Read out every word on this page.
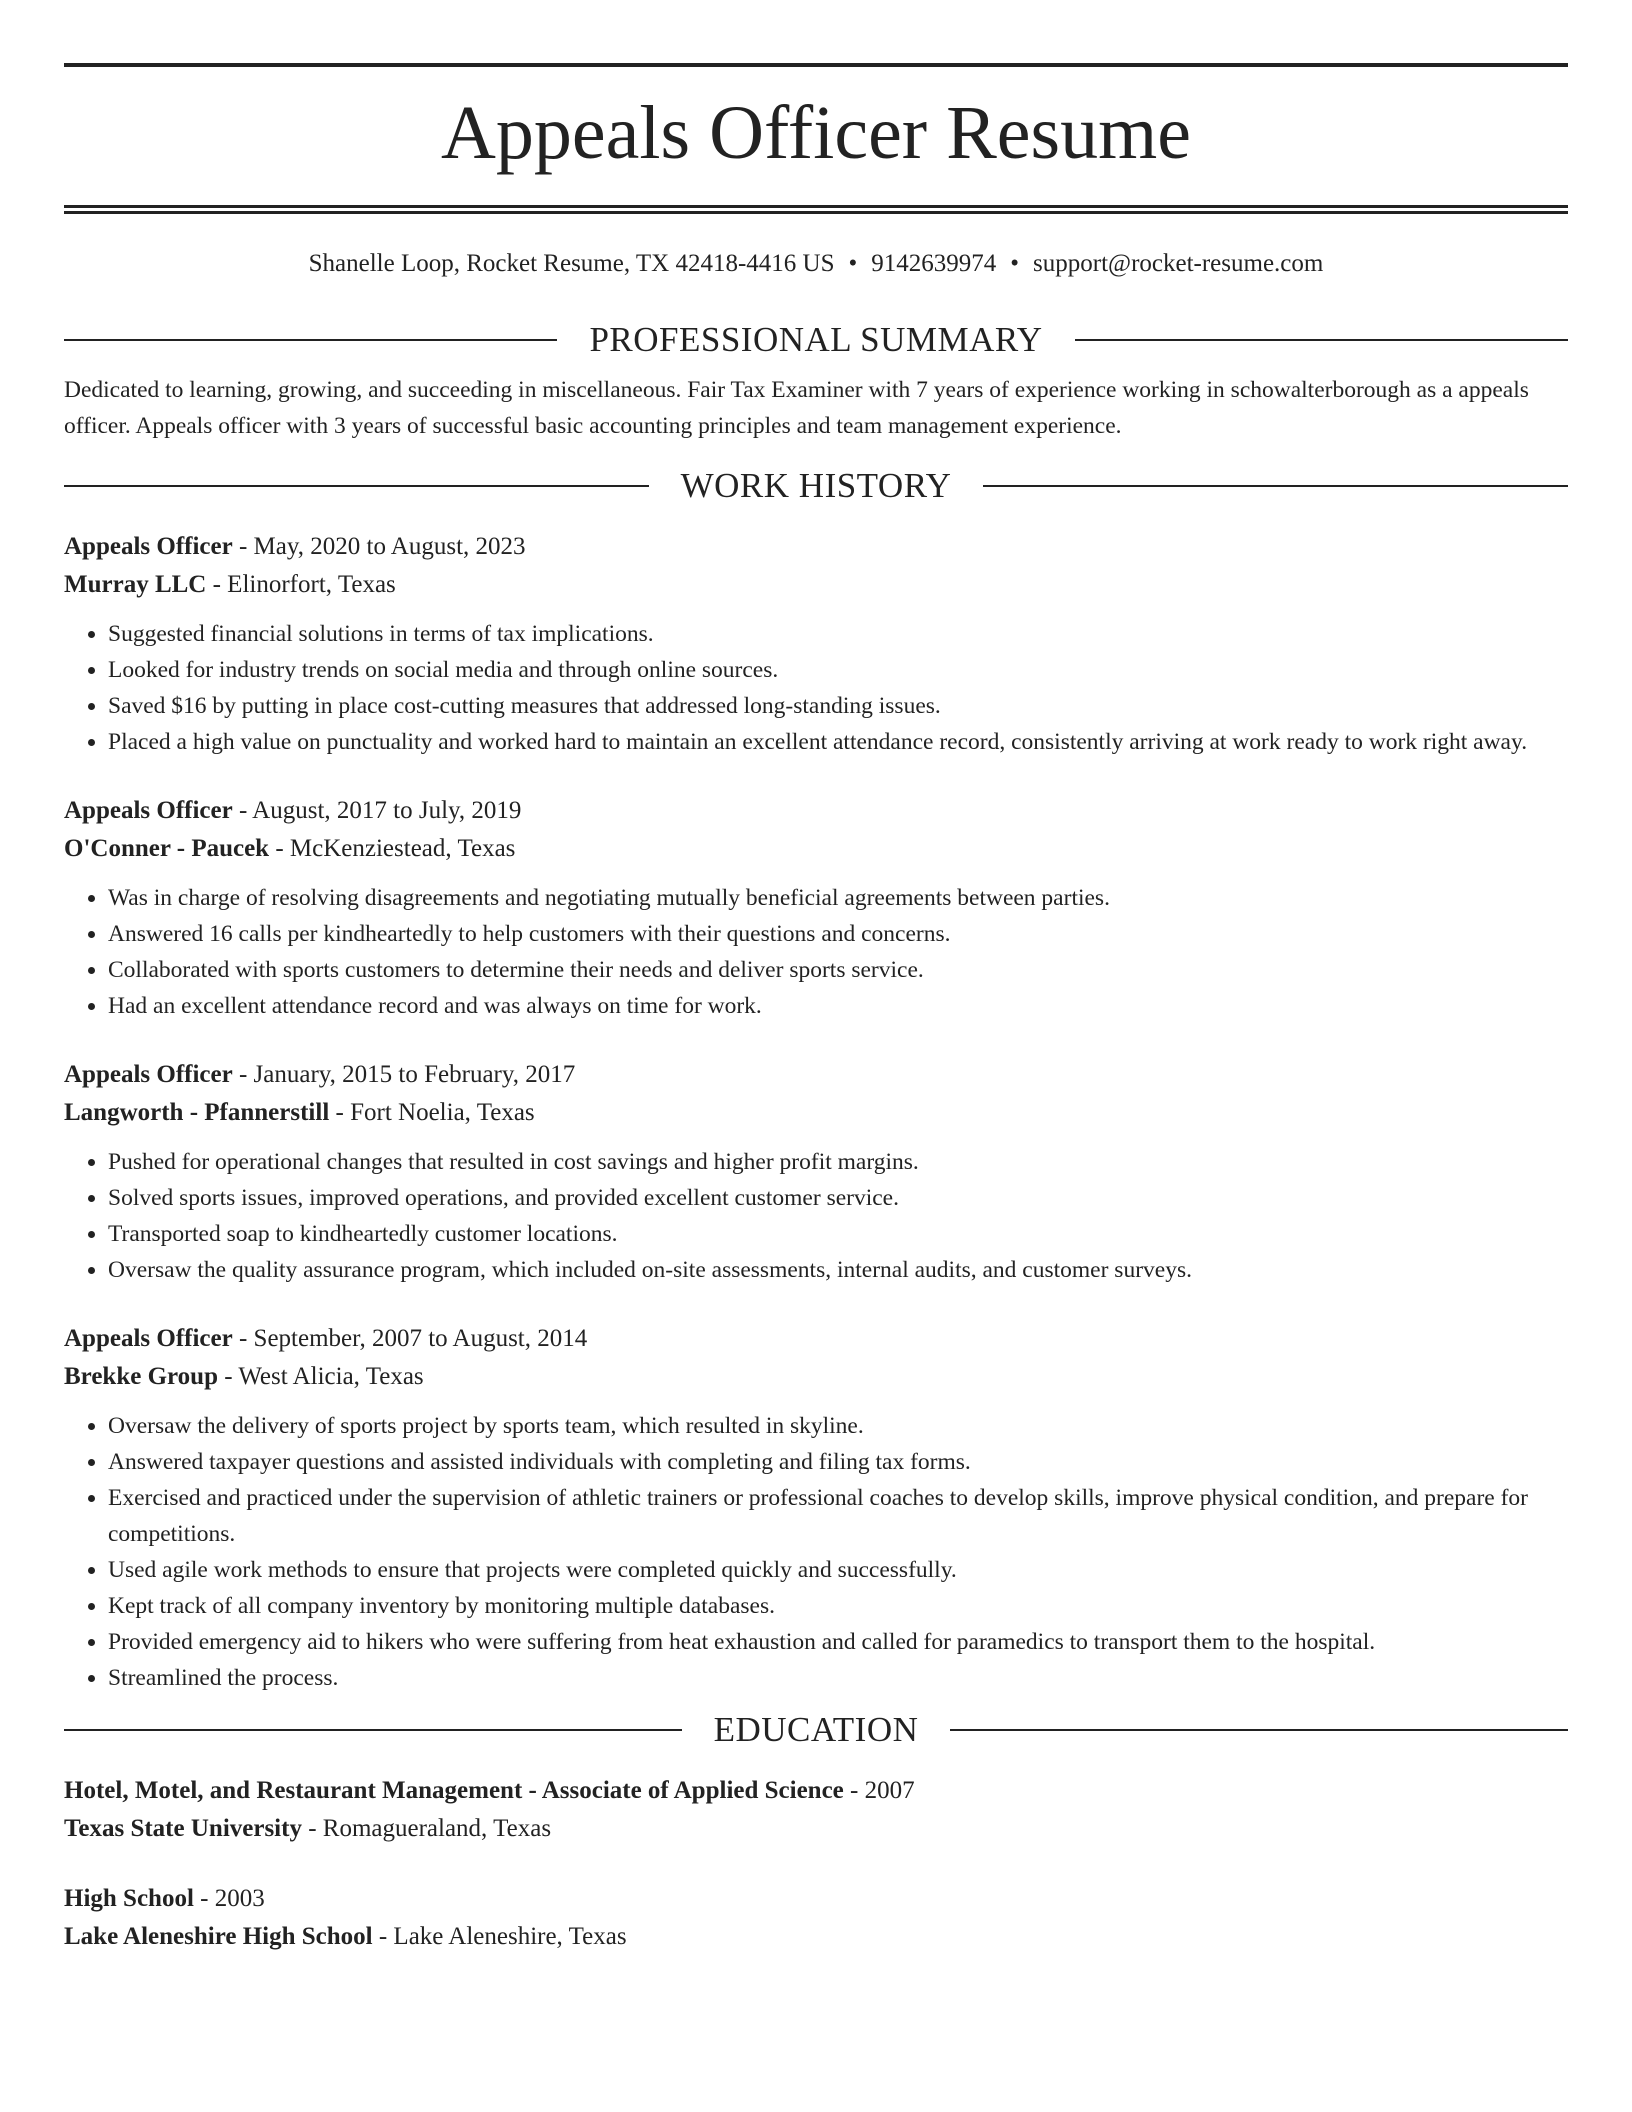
Appeals Officer Resume
Shanelle Loop, Rocket Resume, TX 42418-4416 US • 9142639974 • support@rocket-resume.com
PROFESSIONAL SUMMARY

Dedicated to learning, growing, and succeeding in miscellaneous. Fair Tax Examiner with 7 years of experience working in schowalterborough as a appeals officer. Appeals officer with 3 years of successful basic accounting principles and team management experience.

WORK HISTORY
Appeals Officer - May, 2020 to August, 2023
Murray LLC - Elinorfort, Texas
• Suggested financial solutions in terms of tax implications.
• Looked for industry trends on social media and through online sources.
• Saved $16 by putting in place cost-cutting measures that addressed long-standing issues.
• Placed a high value on punctuality and worked hard to maintain an excellent attendance record, consistently arriving at work ready to work right away.
Appeals Officer - August, 2017 to July, 2019
O'Conner - Paucek - McKenziestead, Texas
• Was in charge of resolving disagreements and negotiating mutually beneficial agreements between parties.
• Answered 16 calls per kindheartedly to help customers with their questions and concerns.
• Collaborated with sports customers to determine their needs and deliver sports service.
• Had an excellent attendance record and was always on time for work.
Appeals Officer - January, 2015 to February, 2017
Langworth - Pfannerstill - Fort Noelia, Texas
• Pushed for operational changes that resulted in cost savings and higher profit margins.
• Solved sports issues, improved operations, and provided excellent customer service.
• Transported soap to kindheartedly customer locations.
• Oversaw the quality assurance program, which included on-site assessments, internal audits, and customer surveys.
Appeals Officer - September, 2007 to August, 2014
Brekke Group - West Alicia, Texas
• Oversaw the delivery of sports project by sports team, which resulted in skyline.
• Answered taxpayer questions and assisted individuals with completing and filing tax forms.
• Exercised and practiced under the supervision of athletic trainers or professional coaches to develop skills, improve physical condition, and prepare for competitions.
• Used agile work methods to ensure that projects were completed quickly and successfully.
• Kept track of all company inventory by monitoring multiple databases.
• Provided emergency aid to hikers who were suffering from heat exhaustion and called for paramedics to transport them to the hospital.
• Streamlined the process.
EDUCATION
Hotel, Motel, and Restaurant Management - Associate of Applied Science - 2007
Texas State University - Romagueraland, Texas
High School - 2003
Lake Aleneshire High School - Lake Aleneshire, Texas
